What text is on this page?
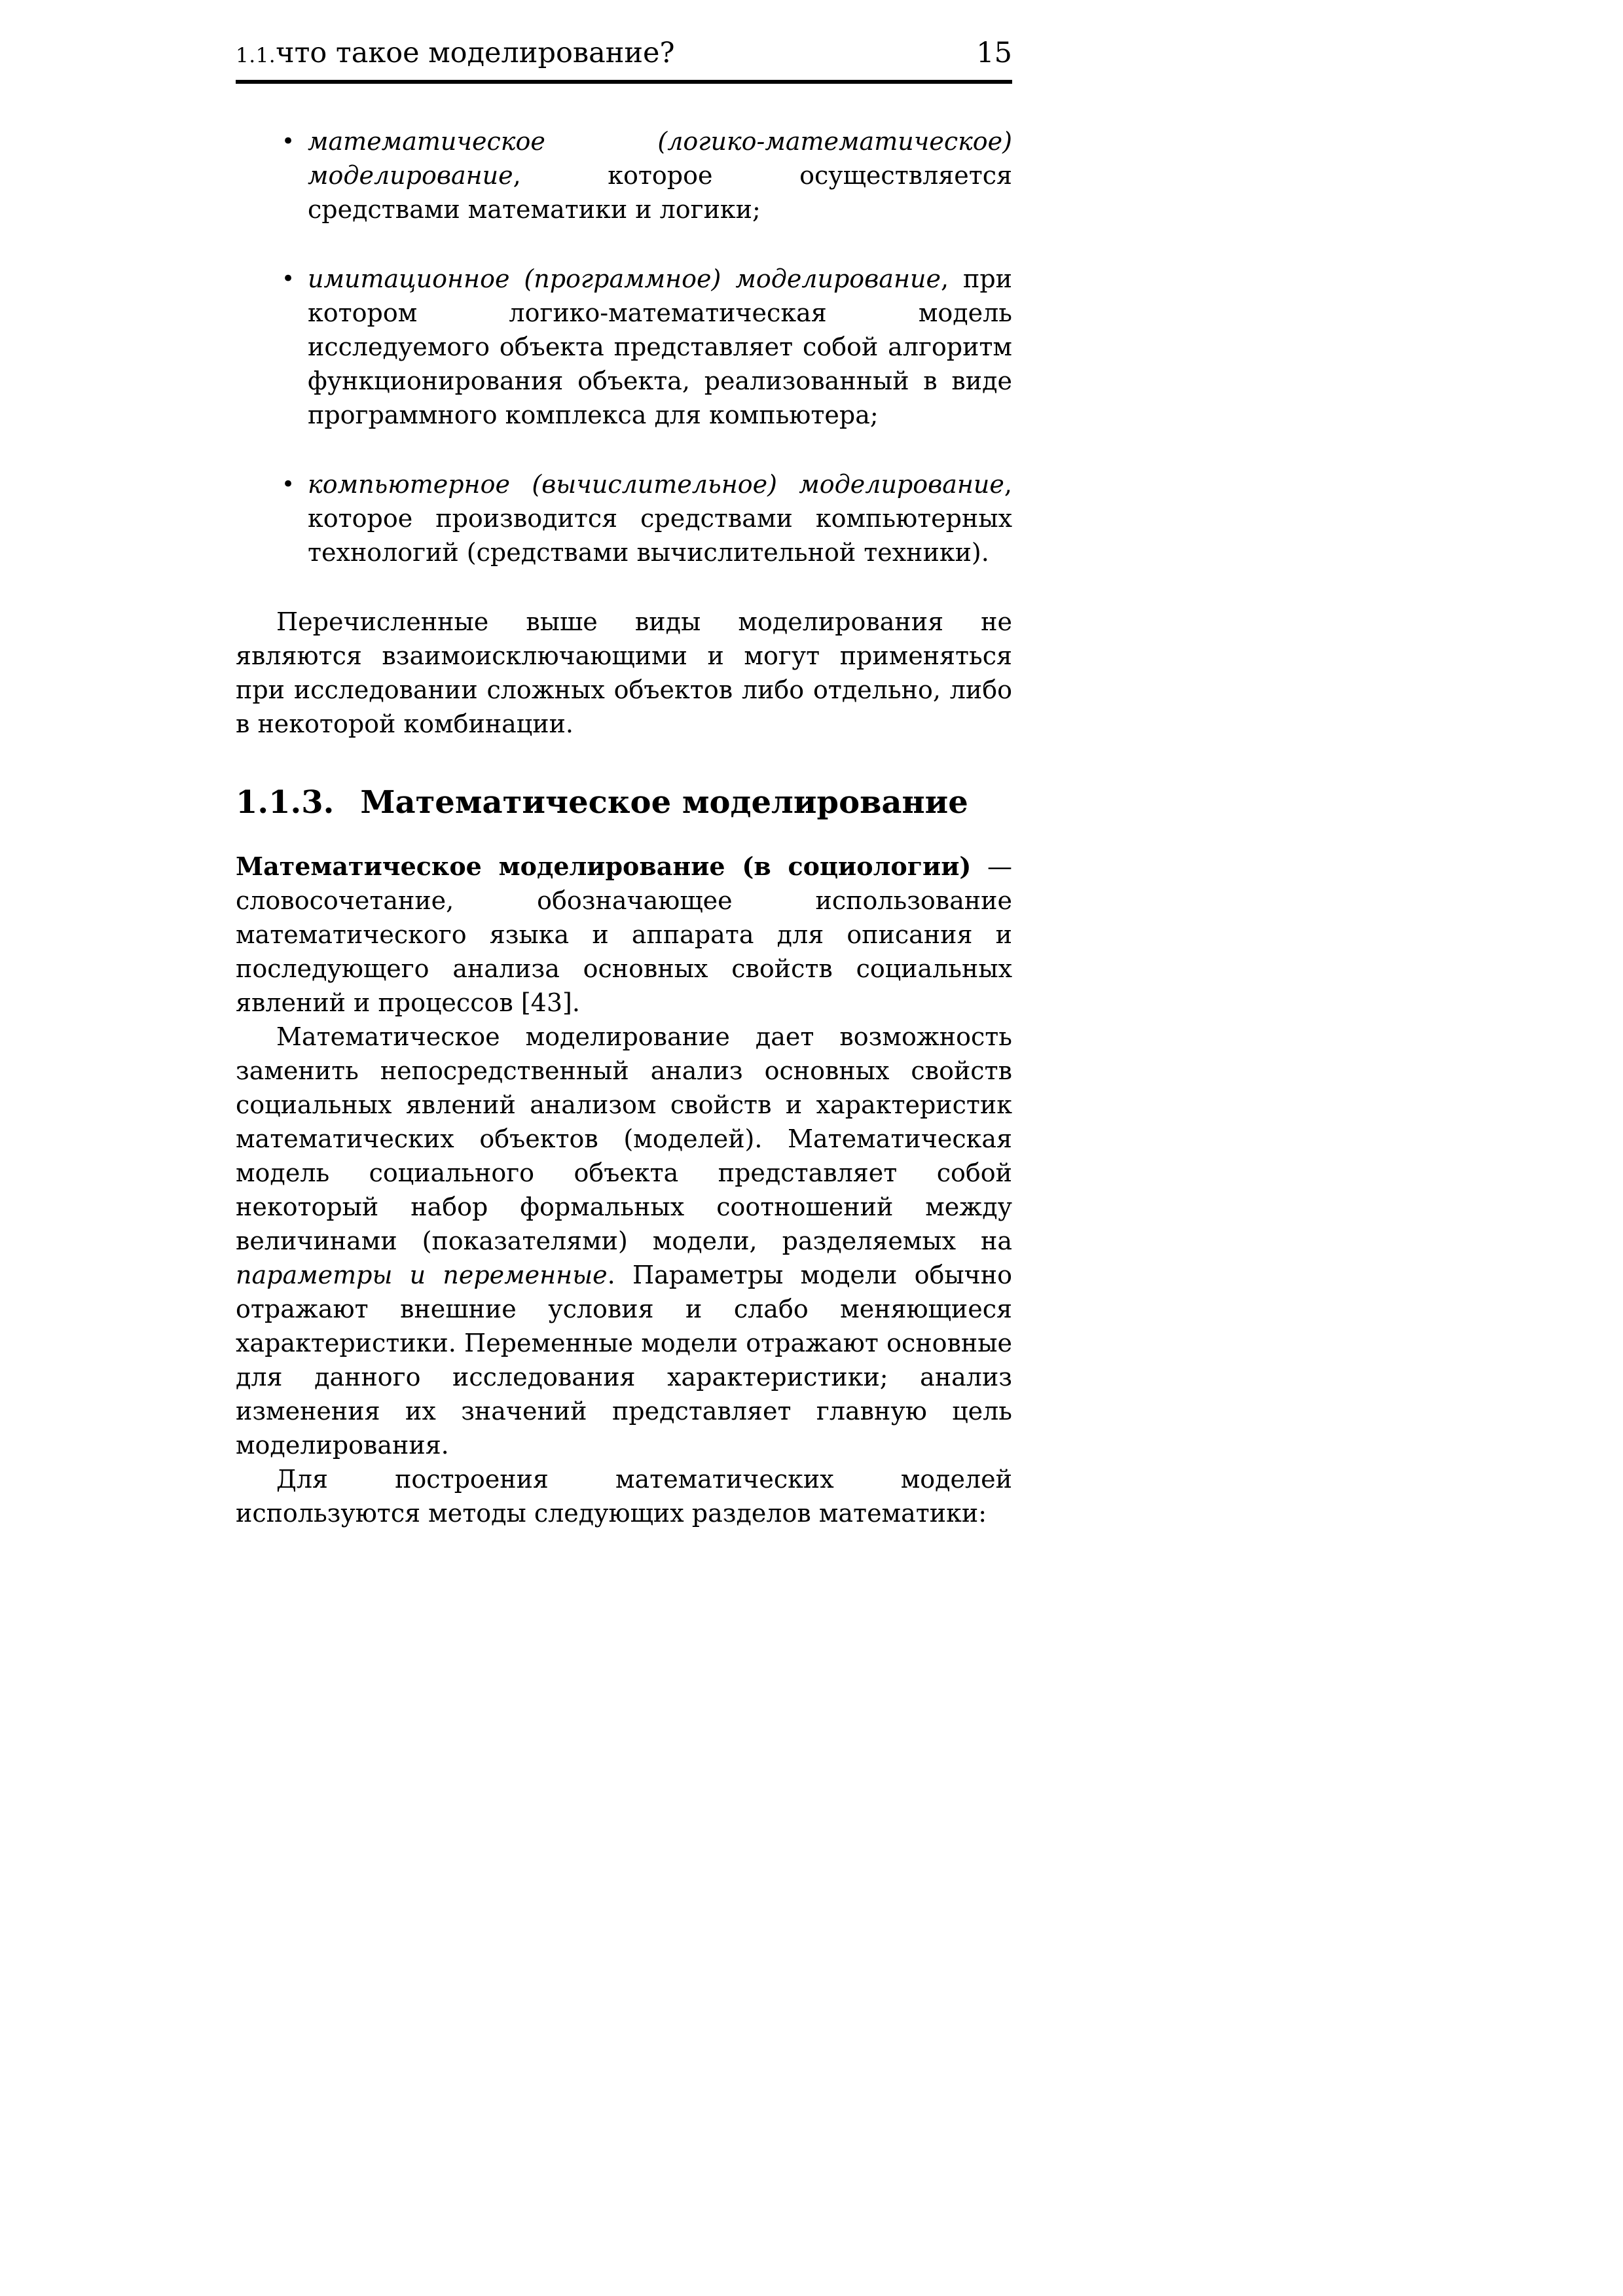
1.1. что такое моделирование?	15
• математическое (логико-математическое) моделирование, которое осуществляется средствами математики и логики;
• имитационное (программное) моделирование, при котором логико-математическая модель исследуемого объекта представляет собой алгоритм функционирования объекта, реализованный в виде программного комплекса для компьютера;
• компьютерное (вычислительное) моделирование, которое производится средствами компьютерных технологий (средствами вычислительной техники).

Перечисленные выше виды моделирования не являются взаимоисключающими и могут применяться при исследовании сложных объектов либо отдельно, либо в некоторой комбинации.

1.1.3. Математическое моделирование

Математическое моделирование (в социологии) — словосочетание, обозначающее использование математического языка и аппарата для описания и последующего анализа основных свойств социальных явлений и процессов [43].

Математическое моделирование дает возможность заменить непосредственный анализ основных свойств социальных явлений анализом свойств и характеристик математических объектов (моделей). Математическая модель социального объекта представляет собой некоторый набор формальных соотношений между величинами (показателями) модели, разделяемых на параметры и переменные. Параметры модели обычно отражают внешние условия и слабо меняющиеся характеристики. Переменные модели отражают основные для данного исследования характеристики; анализ изменения их значений представляет главную цель моделирования.

Для построения математических моделей используются методы следующих разделов математики:
